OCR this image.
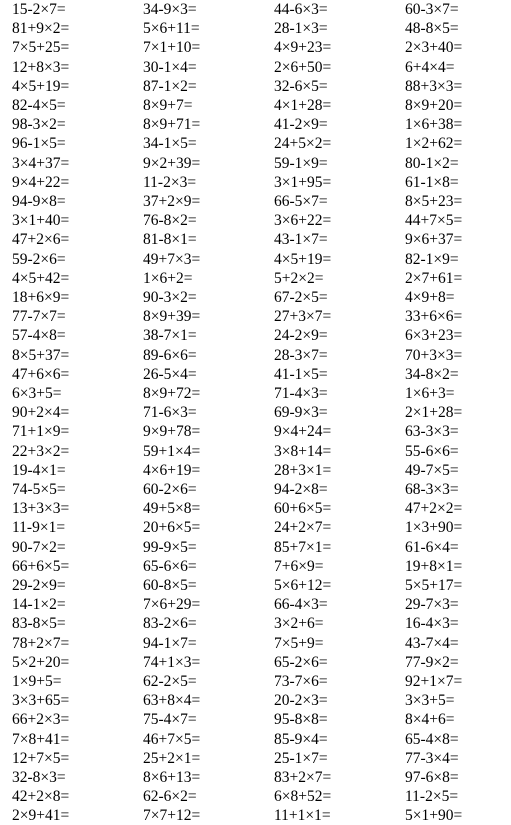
15-2×7=	34-9×3=	44-6×3=	60-3×7=
81+9×2=	5×6+11=	28-1×3=	48-8×5=
7×5+25=	7×1+10=	4×9+23=	2×3+40=
12+8×3=	30-1×4=	2×6+50=	6+4×4=
4×5+19=	87-1×2=	32-6×5=	88+3×3=
82-4×5=	8×9+7=	4×1+28=	8×9+20=
98-3×2=	8×9+71=	41-2×9=	1×6+38=
96-1×5=	34-1×5=	24+5×2=	1×2+62=
3×4+37=	9×2+39=	59-1×9=	80-1×2=
9×4+22=	11-2×3=	3×1+95=	61-1×8=
94-9×8=	37+2×9=	66-5×7=	8×5+23=
3×1+40=	76-8×2=	3×6+22=	44+7×5=
47+2×6=	81-8×1=	43-1×7=	9×6+37=
59-2×6=	49+7×3=	4×5+19=	82-1×9=
4×5+42=	1×6+2=	5+2×2=	2×7+61=
18+6×9=	90-3×2=	67-2×5=	4×9+8=
77-7×7=	8×9+39=	27+3×7=	33+6×6=
57-4×8=	38-7×1=	24-2×9=	6×3+23=
8×5+37=	89-6×6=	28-3×7=	70+3×3=
47+6×6=	26-5×4=	41-1×5=	34-8×2=
6×3+5=	8×9+72=	71-4×3=	1×6+3=
90+2×4=	71-6×3=	69-9×3=	2×1+28=
71+1×9=	9×9+78=	9×4+24=	63-3×3=
22+3×2=	59+1×4=	3×8+14=	55-6×6=
19-4×1=	4×6+19=	28+3×1=	49-7×5=
74-5×5=	60-2×6=	94-2×8=	68-3×3=
13+3×3=	49+5×8=	60+6×5=	47+2×2=
11-9×1=	20+6×5=	24+2×7=	1×3+90=
90-7×2=	99-9×5=	85+7×1=	61-6×4=
66+6×5=	65-6×6=	7+6×9=	19+8×1=
29-2×9=	60-8×5=	5×6+12=	5×5+17=
14-1×2=	7×6+29=	66-4×3=	29-7×3=
83-8×5=	83-2×6=	3×2+6=	16-4×3=
78+2×7=	94-1×7=	7×5+9=	43-7×4=
5×2+20=	74+1×3=	65-2×6=	77-9×2=
1×9+5=	62-2×5=	73-7×6=	92+1×7=
3×3+65=	63+8×4=	20-2×3=	3×3+5=
66+2×3=	75-4×7=	95-8×8=	8×4+6=
7×8+41=	46+7×5=	85-9×4=	65-4×8=
12+7×5=	25+2×1=	25-1×7=	77-3×4=
32-8×3=	8×6+13=	83+2×7=	97-6×8=
42+2×8=	62-6×2=	6×8+52=	11-2×5=
2×9+41=	7×7+12=	11+1×1=	5×1+90=
